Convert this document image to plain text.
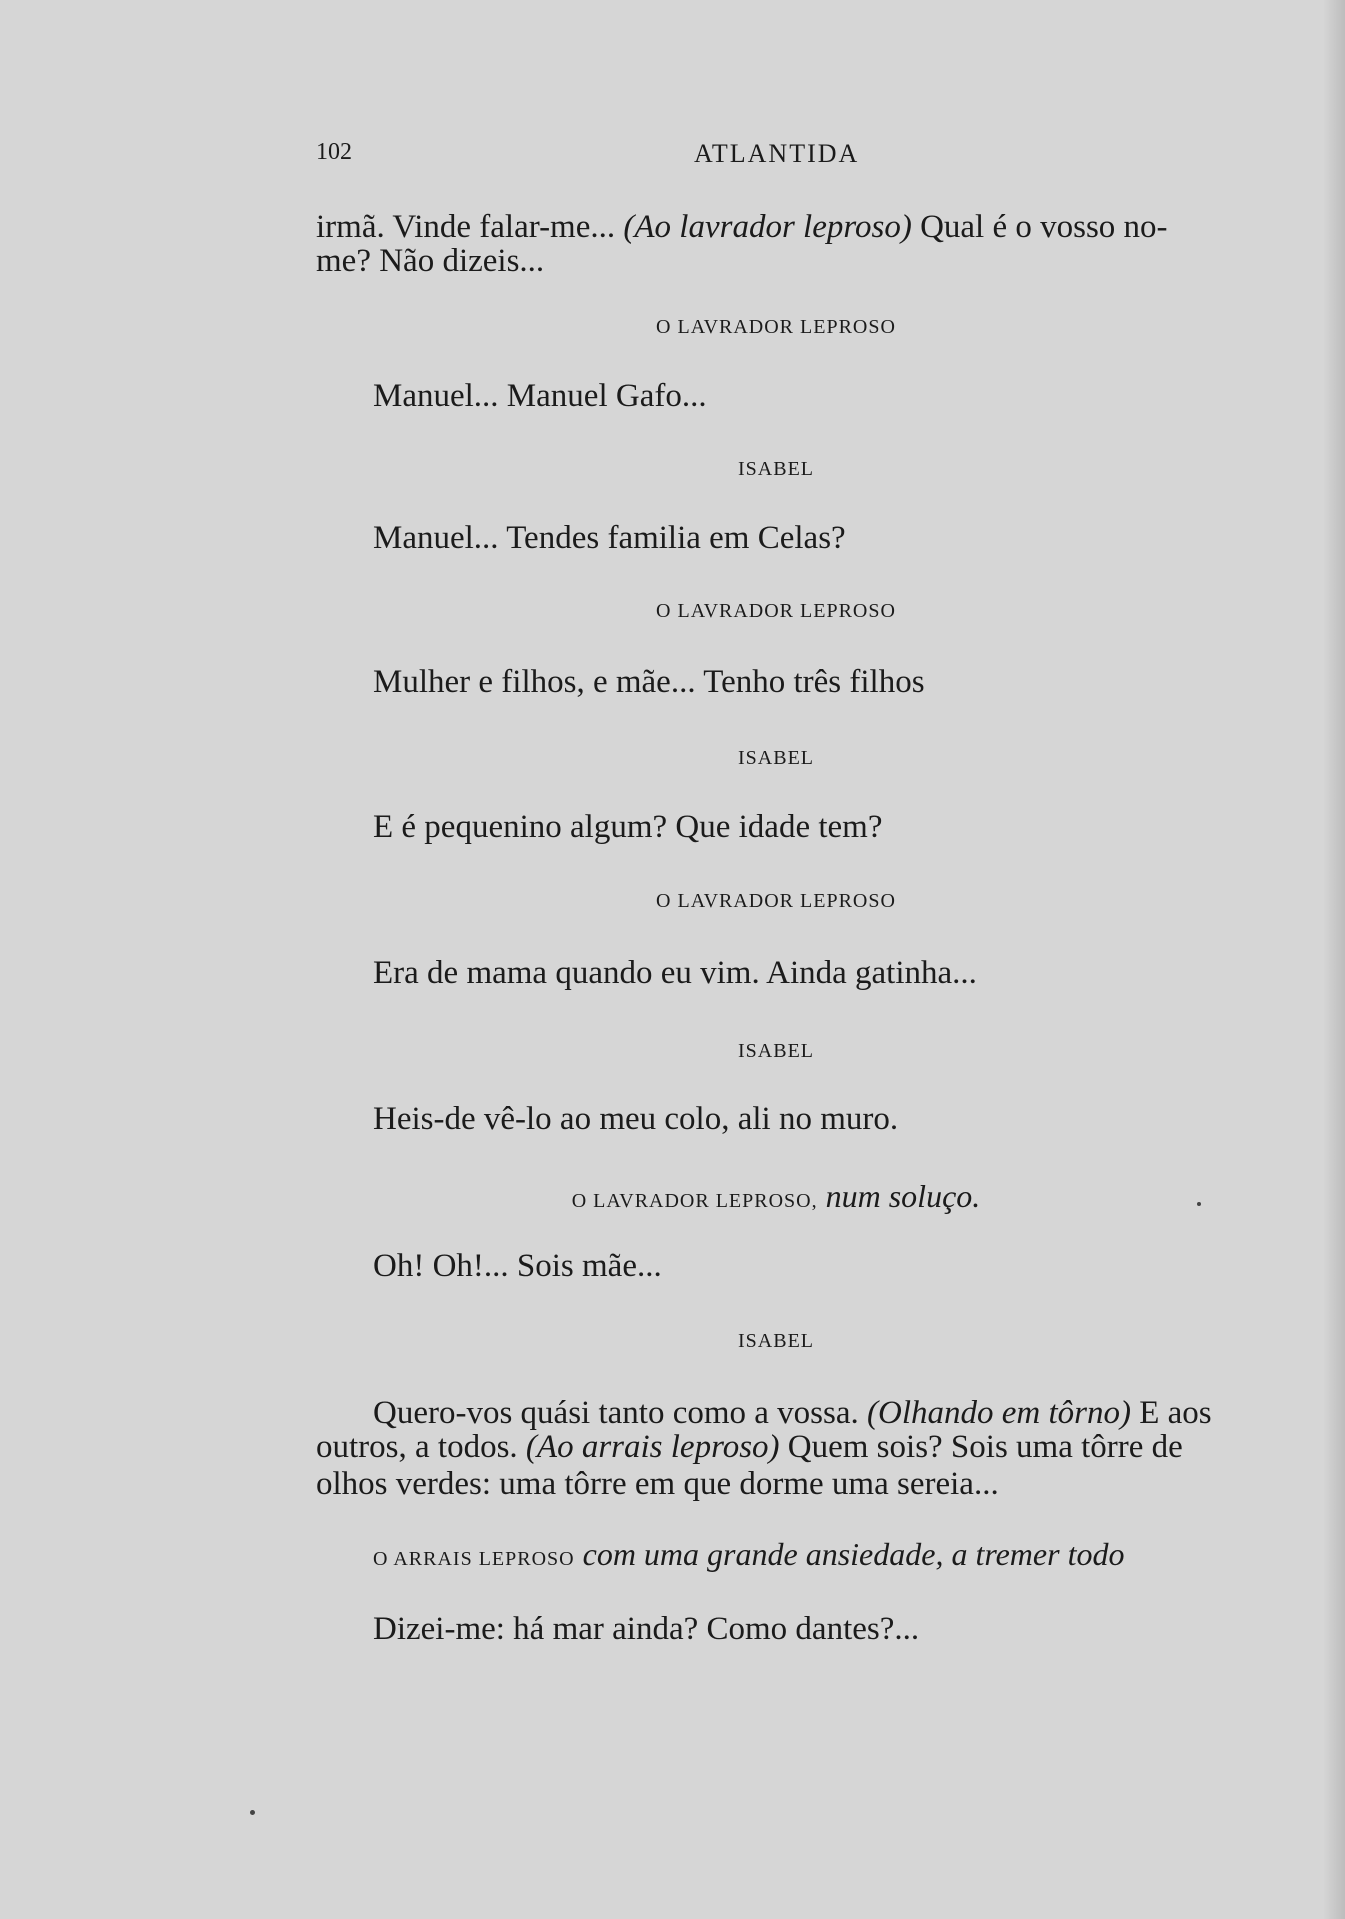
102	ATLANTIDA
irmã. Vinde falar-me... (Ao lavrador leproso) Qual é o vosso no-
me? Não dizeis...
O LAVRADOR LEPROSO
Manuel... Manuel Gafo...
ISABEL
Manuel... Tendes familia em Celas?
O LAVRADOR LEPROSO
Mulher e filhos, e mãe... Tenho três filhos
ISABEL
E é pequenino algum? Que idade tem?
O LAVRADOR LEPROSO
Era de mama quando eu vim. Ainda gatinha...
ISABEL
Heis-de vê-lo ao meu colo, ali no muro.
O LAVRADOR LEPROSO, num soluço.
Oh! Oh!... Sois mãe...
ISABEL
Quero-vos quási tanto como a vossa. (Olhando em tôrno) E aos
outros, a todos. (Ao arrais leproso) Quem sois? Sois uma tôrre de
olhos verdes: uma tôrre em que dorme uma sereia...
O ARRAIS LEPROSO com uma grande ansiedade, a tremer todo
Dizei-me: há mar ainda? Como dantes?...
